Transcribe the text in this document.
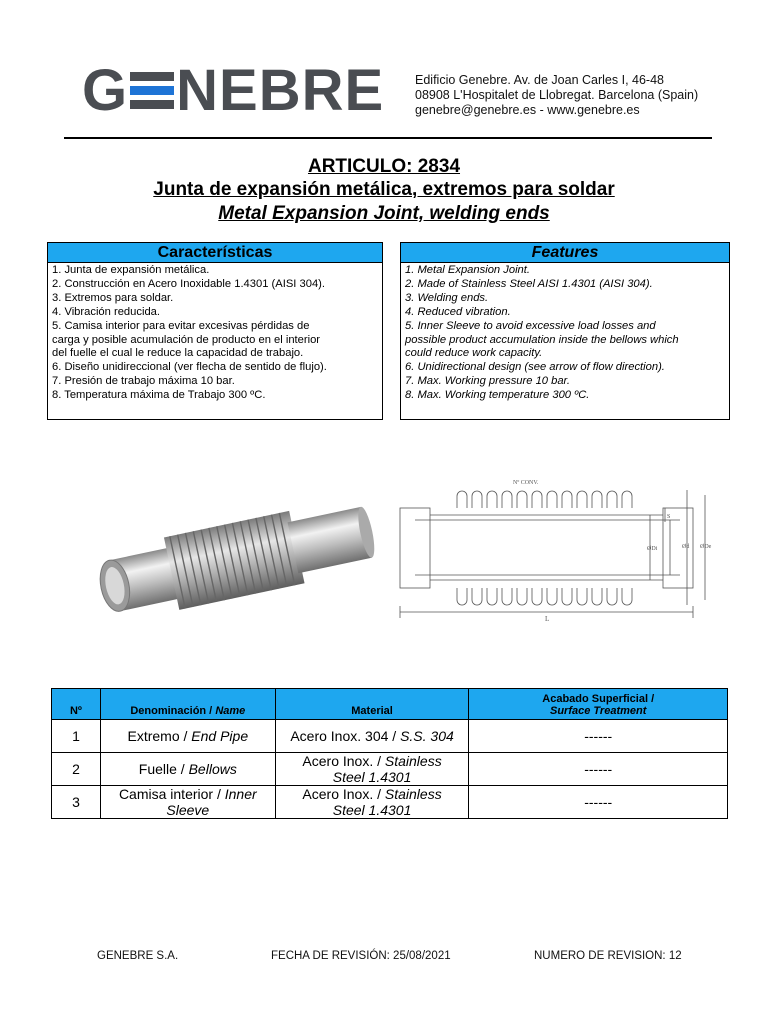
G NEBRE Edificio Genebre. Av. de Joan Carles I, 46-48
08908 L'Hospitalet de Llobregat. Barcelona (Spain)
genebre@genebre.es - www.genebre.es
ARTICULO: 2834
Junta de expansión metálica, extremos para soldar
Metal Expansion Joint, welding ends
Características
1. Junta de expansión metálica.
2. Construcción en Acero Inoxidable 1.4301 (AISI 304).
3. Extremos para soldar.
4. Vibración reducida.
5. Camisa interior para evitar excesivas pérdidas de
carga y posible acumulación de producto en el interior
del fuelle el cual le reduce la capacidad de trabajo.
6. Diseño unidireccional (ver flecha de sentido de flujo).
7. Presión de trabajo máxima 10 bar.
8. Temperatura máxima de Trabajo 300 ºC.
Features
1. Metal Expansion Joint.
2. Made of Stainless Steel AISI 1.4301 (AISI 304).
3. Welding ends.
4. Reduced vibration.
5. Inner Sleeve to avoid excessive load losses and
possible product accumulation inside the bellows which
could reduce work capacity.
6. Unidirectional design (see arrow of flow direction).
7. Max. Working pressure 10 bar.
8. Max. Working temperature 300 ºC.
Nº CONV.
S
ØDi	Ød ØDe
L
Nº	Denominación / Name	Material	Acabado Superficial /
Surface Treatment

1	Extremo / End Pipe	Acero Inox. 304 / S.S. 304	------
2	Fuelle / Bellows	Acero Inox. / Stainless
Steel 1.4301	------
3	Camisa interior / Inner
Sleeve	Acero Inox. / Stainless
Steel 1.4301	------
GENEBRE S.A.	FECHA DE REVISIÓN: 25/08/2021	NUMERO DE REVISION: 12
